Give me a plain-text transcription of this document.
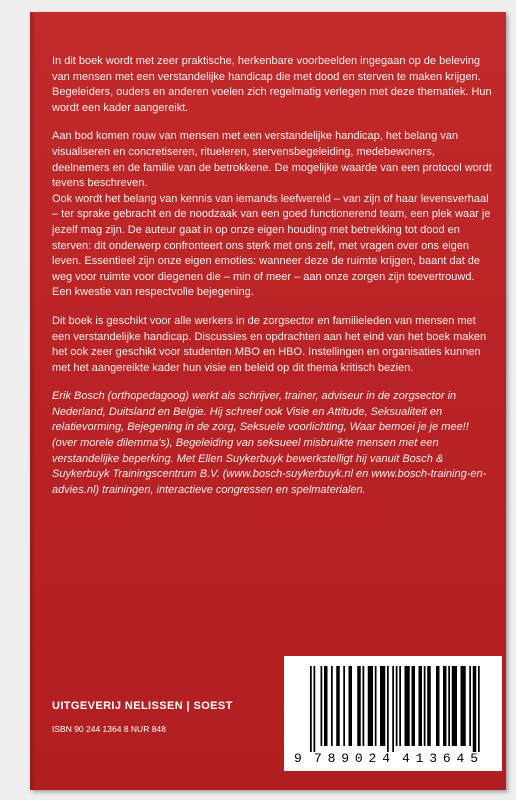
In dit boek wordt met zeer praktische, herkenbare voorbeelden ingegaan op de beleving van mensen met een verstandelijke handicap die met dood en sterven te maken krijgen. Begeleiders, ouders en anderen voelen zich regelmatig verlegen met deze thematiek. Hun wordt een kader aangereikt.

Aan bod komen rouw van mensen met een verstandelijke handicap, het belang van visualiseren en concretiseren, ritueleren, stervensbegeleiding, medebewoners, deelnemers en de familie van de betrokkene. De mogelijke waarde van een protocol wordt tevens beschreven.

Ook wordt het belang van kennis van iemands leefwereld – van zijn of haar levensverhaal – ter sprake gebracht en de noodzaak van een goed functionerend team, een plek waar je jezelf mag zijn. De auteur gaat in op onze eigen houding met betrekking tot dood en sterven: dit onderwerp confronteert ons sterk met ons zelf, met vragen over ons eigen leven. Essentieel zijn onze eigen emoties: wanneer deze de ruimte krijgen, baant dat de weg voor ruimte voor diegenen die – min of meer – aan onze zorgen zijn toevertrouwd. Een kwestie van respectvolle bejegening.

Dit boek is geschikt voor alle werkers in de zorgsector en familieleden van mensen met een verstandelijke handicap. Discussies en opdrachten aan het eind van het boek maken het ook zeer geschikt voor studenten MBO en HBO. Instellingen en organisaties kunnen met het aangereikte kader hun visie en beleid op dit thema kritisch bezien.

Erik Bosch (orthopedagoog) werkt als schrijver, trainer, adviseur in de zorgsector in Nederland, Duitsland en Belgie. Hij schreef ook Visie en Attitude, Seksualiteit en relatievorming, Bejegening in de zorg, Seksuele voorlichting, Waar bemoei je je mee!! (over morele dilemma's), Begeleiding van seksueel misbruikte mensen met een verstandelijke beperking. Met Ellen Suykerbuyk bewerkstelligt hij vanuit Bosch & Suykerbuyk Trainingscentrum B.V. (www.bosch-suykerbuyk.nl en www.bosch-training-en-advies.nl) trainingen, interactieve congressen en spelmaterialen.

UITGEVERIJ NELISSEN | SOEST
ISBN 90 244 1364 8 NUR 848
9 789024 413645
